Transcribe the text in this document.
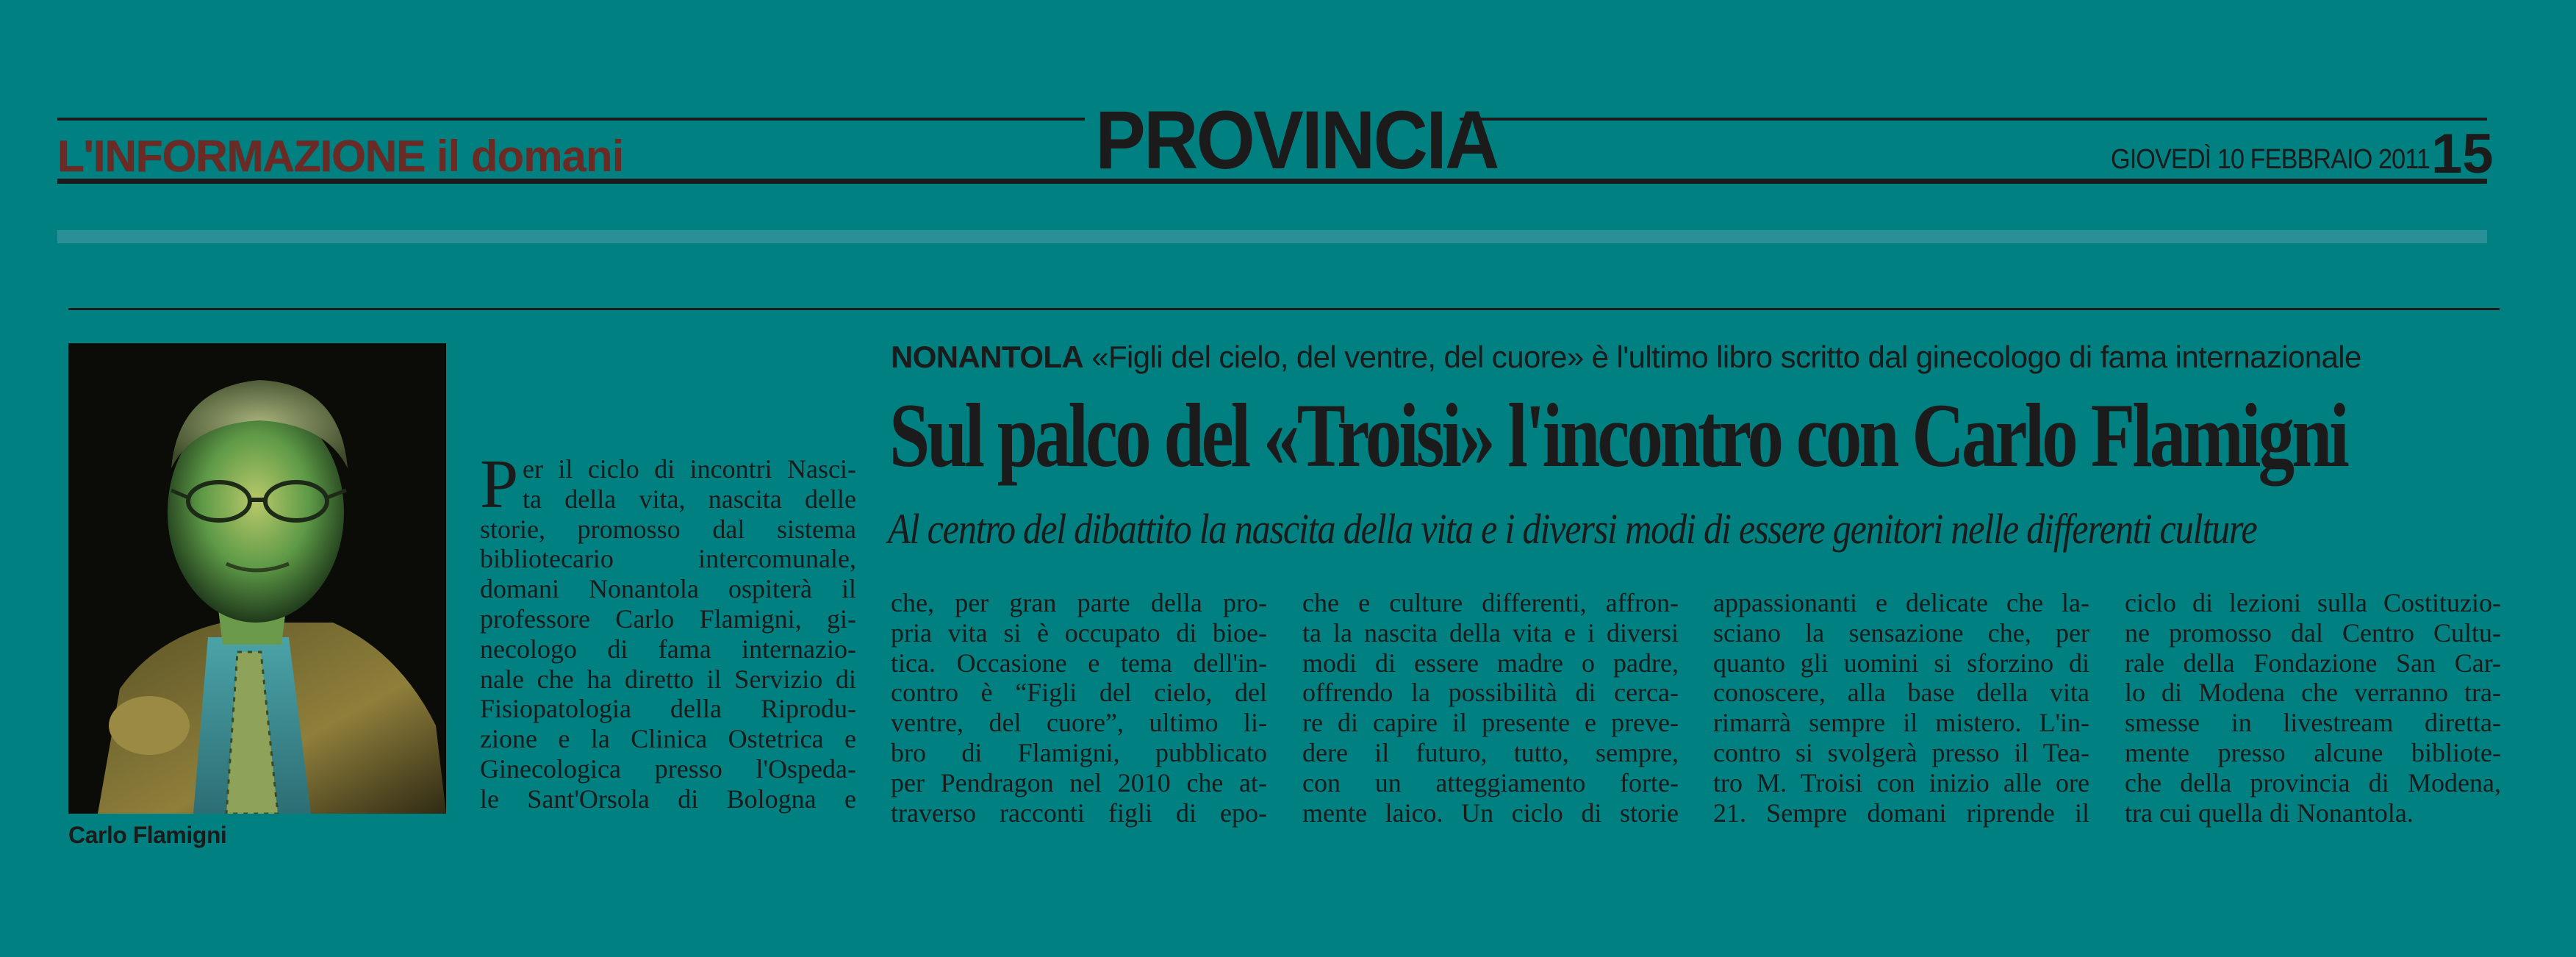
L'INFORMAZIONE il domani	PROVINCIA	GIOVEDÌ 10 FEBBRAIO 2011 15
Carlo Flamigni
NONANTOLA «Figli del cielo, del ventre, del cuore» è l'ultimo libro scritto dal ginecologo di fama internazionale
Sul palco del «Troisi» l'incontro con Carlo Flamigni
Al centro del dibattito la nascita della vita e i diversi modi di essere genitori nelle differenti culture
P er il ciclo di incontri Nasci-
ta della vita, nascita delle
storie, promosso dal sistema
bibliotecario intercomunale,
domani Nonantola ospiterà il
professore Carlo Flamigni, gi-
necologo di fama internazio-
nale che ha diretto il Servizio di
Fisiopatologia della Riprodu-
zione e la Clinica Ostetrica e
Ginecologica presso l'Ospeda-
le Sant'Orsola di Bologna e
che, per gran parte della pro-
pria vita si è occupato di bioe-
tica. Occasione e tema dell'in-
contro è “Figli del cielo, del
ventre, del cuore”, ultimo li-
bro di Flamigni, pubblicato
per Pendragon nel 2010 che at-
traverso racconti figli di epo-
che e culture differenti, affron-
ta la nascita della vita e i diversi
modi di essere madre o padre,
offrendo la possibilità di cerca-
re di capire il presente e preve-
dere il futuro, tutto, sempre,
con un atteggiamento forte-
mente laico. Un ciclo di storie
appassionanti e delicate che la-
sciano la sensazione che, per
quanto gli uomini si sforzino di
conoscere, alla base della vita
rimarrà sempre il mistero. L'in-
contro si svolgerà presso il Tea-
tro M. Troisi con inizio alle ore
21. Sempre domani riprende il
ciclo di lezioni sulla Costituzio-
ne promosso dal Centro Cultu-
rale della Fondazione San Car-
lo di Modena che verranno tra-
smesse in livestream diretta-
mente presso alcune bibliote-
che della provincia di Modena,
tra cui quella di Nonantola.
